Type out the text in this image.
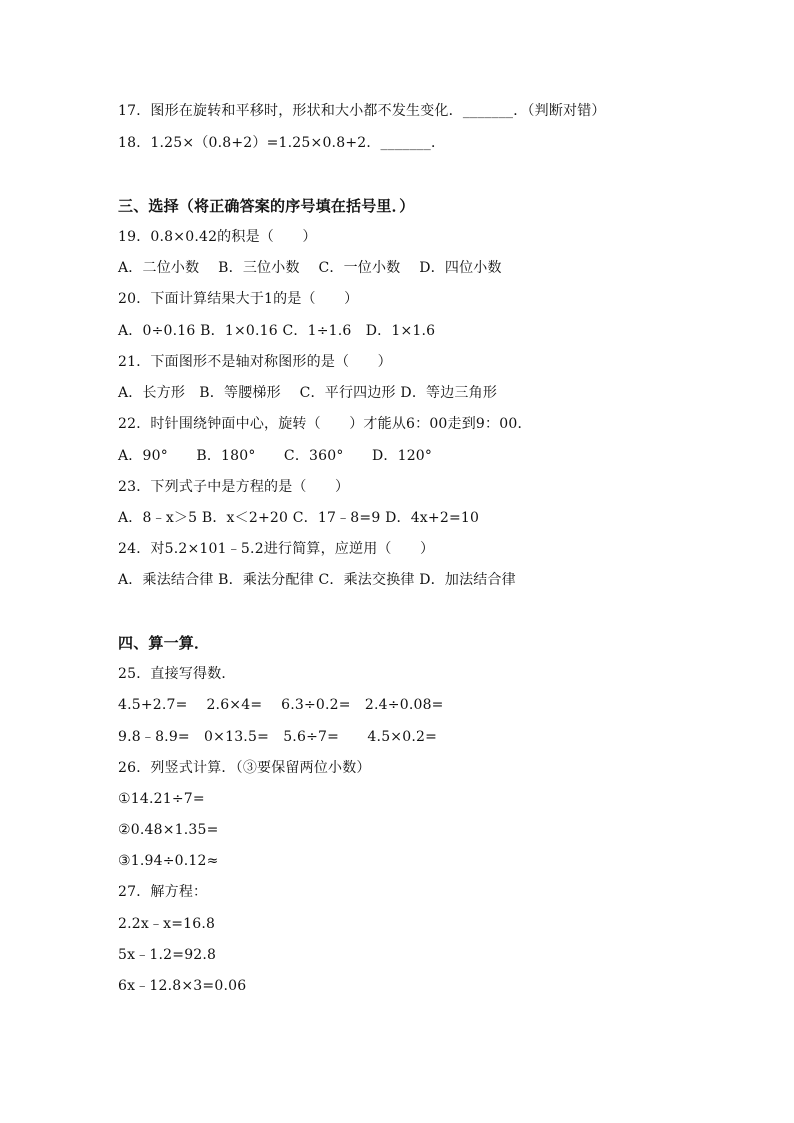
17．图形在旋转和平移时，形状和大小都不发生变化．_______．（判断对错）
18．1.25×（0.8+2）=1.25×0.8+2．_______．
三、选择（将正确答案的序号填在括号里．）
19．0.8×0.42的积是（　　）
A．二位小数　 B．三位小数　 C．一位小数　 D．四位小数
20．下面计算结果大于1的是（　　）
A．0÷0.16 B．1×0.16 C．1÷1.6　D．1×1.6
21．下面图形不是轴对称图形的是（　　）
A．长方形　B．等腰梯形　 C．平行四边形 D．等边三角形
22．时针围绕钟面中心，旋转（　　）才能从6：00走到9：00．
A．90°　　B．180°　　C．360°　　D．120°
23．下列式子中是方程的是（　　）
A．8﹣x＞5 B．x＜2+20 C．17﹣8=9 D．4x+2=10
24．对5.2×101﹣5.2进行简算，应逆用（　　）
A．乘法结合律 B．乘法分配律 C．乘法交换律 D．加法结合律
四、算一算．
25．直接写得数．
4.5+2.7=　 2.6×4=　 6.3÷0.2=　2.4÷0.08=
9.8﹣8.9=　0×13.5=　5.6÷7=　　4.5×0.2=
26．列竖式计算．（③要保留两位小数）
①14.21÷7=
②0.48×1.35=
③1.94÷0.12≈
27．解方程：
2.2x﹣x=16.8
5x﹣1.2=92.8
6x﹣12.8×3=0.06
